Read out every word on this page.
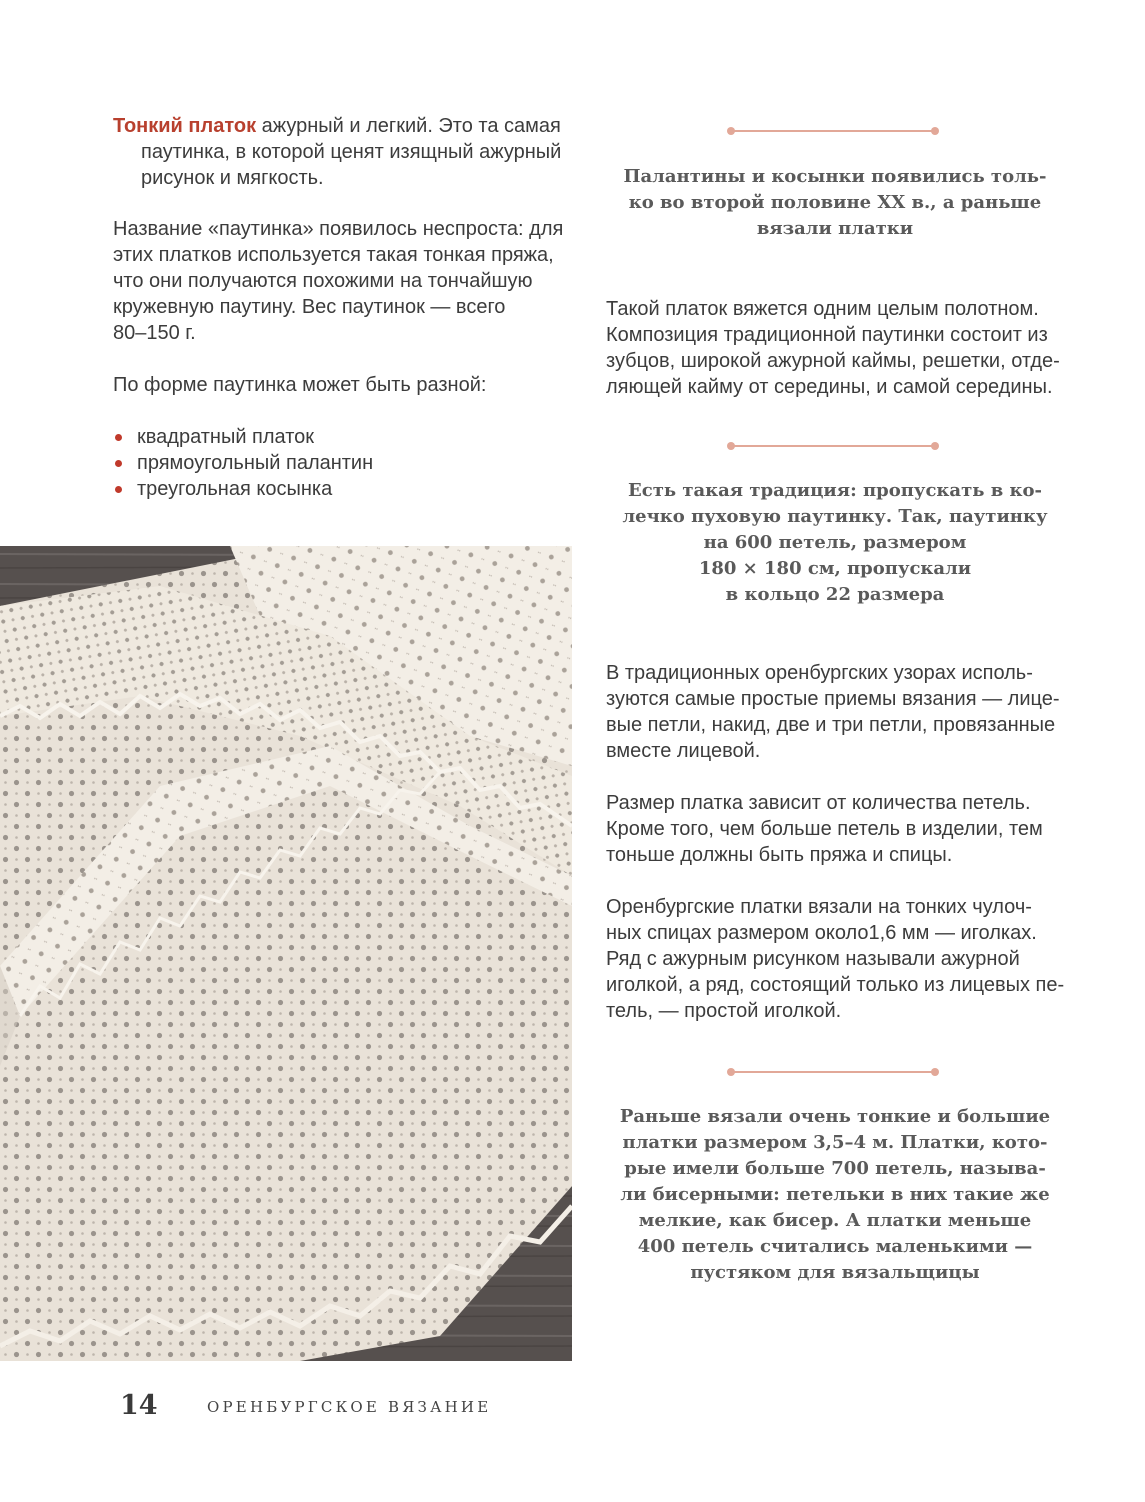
Тонкий платок ажурный и легкий. Это та самая

паутинка, в которой ценят изящный ажурный

рисунок и мягкость.

Название «паутинка» появилось неспроста: для

этих платков используется такая тонкая пряжа,

что они получаются похожими на тончайшую

кружевную паутину. Вес паутинок — всего

80–150 г.

По форме паутинка может быть разной:

квадратный платок
прямоугольный палантин
треугольная косынка

Палантины и косынки появились толь-

ко во второй половине XX в., а раньше

вязали платки

Такой платок вяжется одним целым полотном.

Композиция традиционной паутинки состоит из

зубцов, широкой ажурной каймы, решетки, отде-

ляющей кайму от середины, и самой середины.

Есть такая традиция: пропускать в ко-

лечко пуховую паутинку. Так, паутинку

на 600 петель, размером

180 × 180 см, пропускали

в кольцо 22 размера

В традиционных оренбургских узорах исполь-

зуются самые простые приемы вязания — лице-

вые петли, накид, две и три петли, провязанные

вместе лицевой.

Размер платка зависит от количества петель.

Кроме того, чем больше петель в изделии, тем

тоньше должны быть пряжа и спицы.

Оренбургские платки вязали на тонких чулоч-

ных спицах размером около1,6 мм — иголках.

Ряд с ажурным рисунком называли ажурной

иголкой, а ряд, состоящий только из лицевых пе-

тель, — простой иголкой.

Раньше вязали очень тонкие и большие

платки размером 3,5–4 м. Платки, кото-

рые имели больше 700 петель, называ-

ли бисерными: петельки в них такие же

мелкие, как бисер. А платки меньше

400 петель считались маленькими —

пустяком для вязальщицы

14	ОРЕНБУРГСКОЕ ВЯЗАНИЕ
